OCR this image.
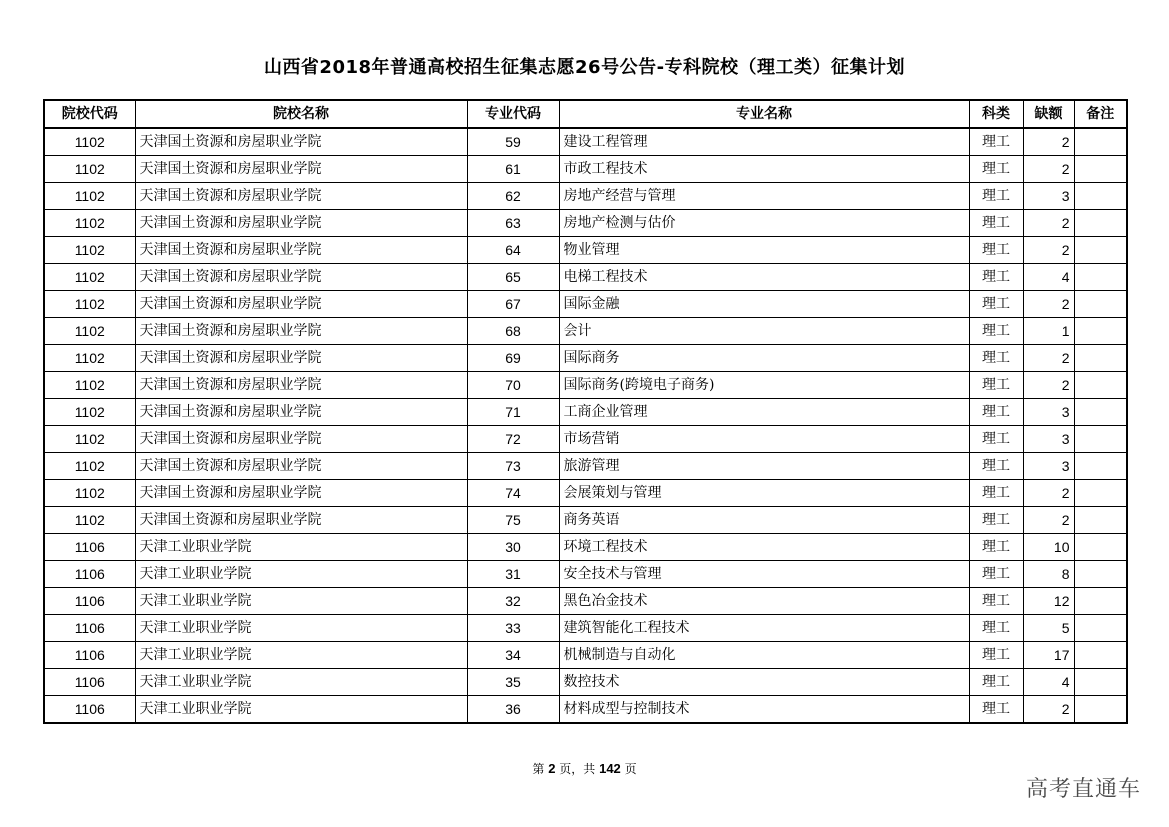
山西省2018年普通高校招生征集志愿26号公告-专科院校（理工类）征集计划
院校代码	院校名称	专业代码	专业名称	科类	缺额	备注
1102	天津国土资源和房屋职业学院	59	建设工程管理	理工	2	
1102	天津国土资源和房屋职业学院	61	市政工程技术	理工	2	
1102	天津国土资源和房屋职业学院	62	房地产经营与管理	理工	3	
1102	天津国土资源和房屋职业学院	63	房地产检测与估价	理工	2	
1102	天津国土资源和房屋职业学院	64	物业管理	理工	2	
1102	天津国土资源和房屋职业学院	65	电梯工程技术	理工	4	
1102	天津国土资源和房屋职业学院	67	国际金融	理工	2	
1102	天津国土资源和房屋职业学院	68	会计	理工	1	
1102	天津国土资源和房屋职业学院	69	国际商务	理工	2	
1102	天津国土资源和房屋职业学院	70	国际商务(跨境电子商务)	理工	2	
1102	天津国土资源和房屋职业学院	71	工商企业管理	理工	3	
1102	天津国土资源和房屋职业学院	72	市场营销	理工	3	
1102	天津国土资源和房屋职业学院	73	旅游管理	理工	3	
1102	天津国土资源和房屋职业学院	74	会展策划与管理	理工	2	
1102	天津国土资源和房屋职业学院	75	商务英语	理工	2	
1106	天津工业职业学院	30	环境工程技术	理工	10	
1106	天津工业职业学院	31	安全技术与管理	理工	8	
1106	天津工业职业学院	32	黑色冶金技术	理工	12	
1106	天津工业职业学院	33	建筑智能化工程技术	理工	5	
1106	天津工业职业学院	34	机械制造与自动化	理工	17	
1106	天津工业职业学院	35	数控技术	理工	4	
1106	天津工业职业学院	36	材料成型与控制技术	理工	2	
第 2 页，共 142 页
高考直通车
